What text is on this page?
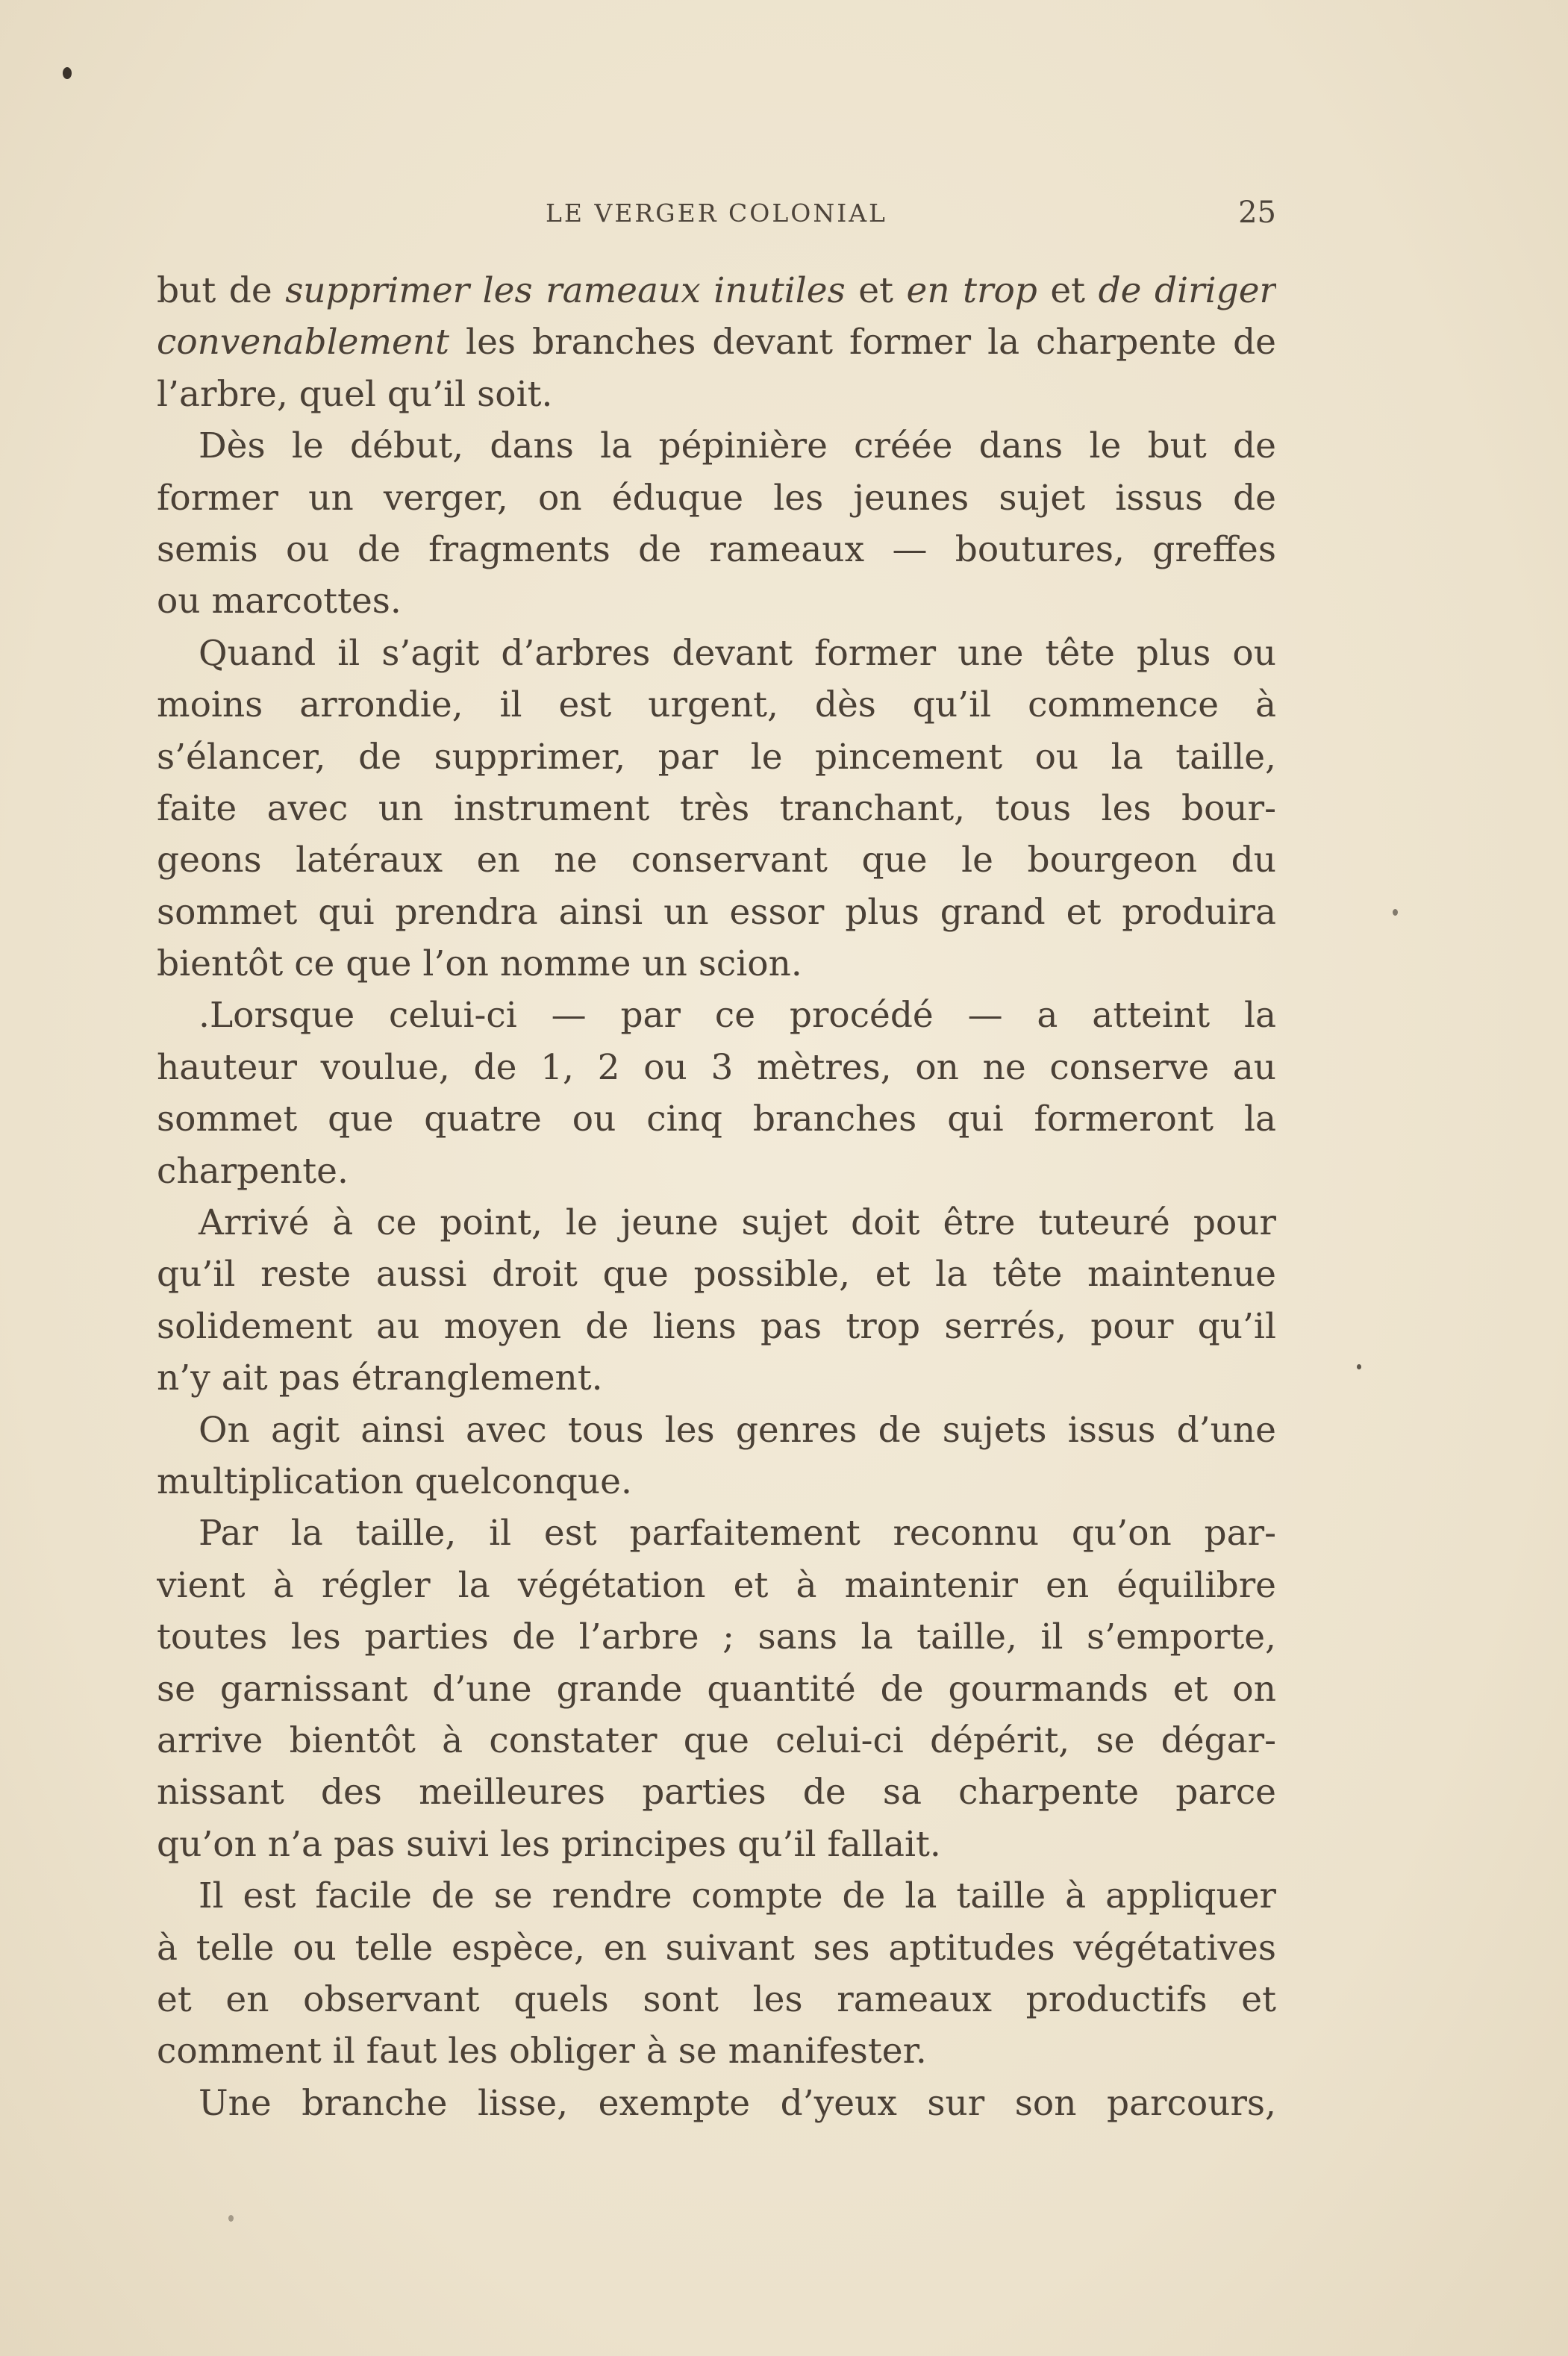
LE VERGER COLONIAL	25
but de supprimer les rameaux inutiles et en trop et de diriger
convenablement les branches devant former la charpente de
l’arbre, quel qu’il soit.
Dès le début, dans la pépinière créée dans le but de
former un verger, on éduque les jeunes sujet issus de
semis ou de fragments de rameaux — boutures, greffes
ou marcottes.
Quand il s’agit d’arbres devant former une tête plus ou
moins arrondie, il est urgent, dès qu’il commence à
s’élancer, de supprimer, par le pincement ou la taille,
faite avec un instrument très tranchant, tous les bour-
geons latéraux en ne conservant que le bourgeon du
sommet qui prendra ainsi un essor plus grand et produira
bientôt ce que l’on nomme un scion.
.Lorsque celui-ci — par ce procédé — a atteint la
hauteur voulue, de 1, 2 ou 3 mètres, on ne conserve au
sommet que quatre ou cinq branches qui formeront la
charpente.
Arrivé à ce point, le jeune sujet doit être tuteuré pour
qu’il reste aussi droit que possible, et la tête maintenue
solidement au moyen de liens pas trop serrés, pour qu’il
n’y ait pas étranglement.
On agit ainsi avec tous les genres de sujets issus d’une
multiplication quelconque.
Par la taille, il est parfaitement reconnu qu’on par-
vient à régler la végétation et à maintenir en équilibre
toutes les parties de l’arbre ; sans la taille, il s’emporte,
se garnissant d’une grande quantité de gourmands et on
arrive bientôt à constater que celui-ci dépérit, se dégar-
nissant des meilleures parties de sa charpente parce
qu’on n’a pas suivi les principes qu’il fallait.
Il est facile de se rendre compte de la taille à appliquer
à telle ou telle espèce, en suivant ses aptitudes végétatives
et en observant quels sont les rameaux productifs et
comment il faut les obliger à se manifester.
Une branche lisse, exempte d’yeux sur son parcours,
